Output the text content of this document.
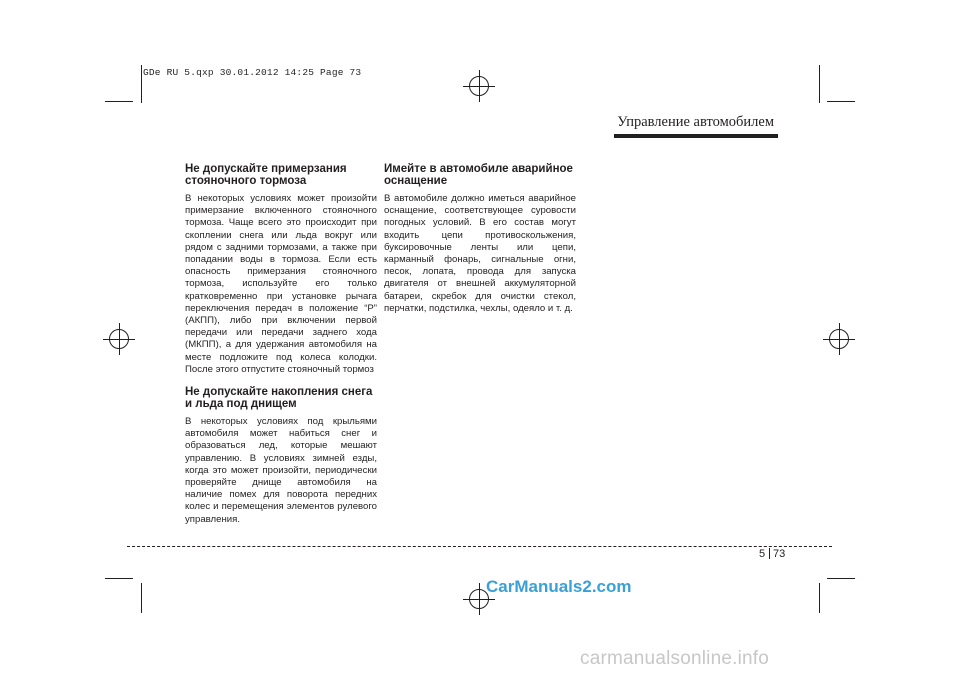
GDe RU 5.qxp 30.01.2012 14:25 Page 73
Управление автомобилем
Не допускайте примерзания стояночного тормоза

В некоторых условиях может произойти примерзание включенного стояночного тормоза. Чаще всего это происходит при скоплении снега или льда вокруг или рядом с задними тормозами, а также при попадании воды в тормоза. Если есть опасность примерзания стояночного тормоза, используйте его только кратковременно при установке рычага переключения передач в положение “P” (АКПП), либо при включении первой передачи или передачи заднего хода (МКПП), а для удержания автомобиля на месте подложите под колеса колодки. После этого отпустите стояночный тормоз

Не допускайте накопления снега и льда под днищем

В некоторых условиях под крыльями автомобиля может набиться снег и образоваться лед, которые мешают управлению. В условиях зимней езды, когда это может произойти, периодически проверяйте днище автомобиля на наличие помех для поворота передних колес и перемещения элементов рулевого управления.

Имейте в автомобиле аварийное оснащение

В автомобиле должно иметься аварийное оснащение, соответствующее суровости погодных условий. В его состав могут входить цепи противоскольжения, буксировочные ленты или цепи, карманный фонарь, сигнальные огни, песок, лопата, провода для запуска двигателя от внешней аккумуляторной батареи, скребок для очистки стекол, перчатки, подстилка, чехлы, одеяло и т. д.

5 73
CarManuals2.com
carmanualsonline.info
